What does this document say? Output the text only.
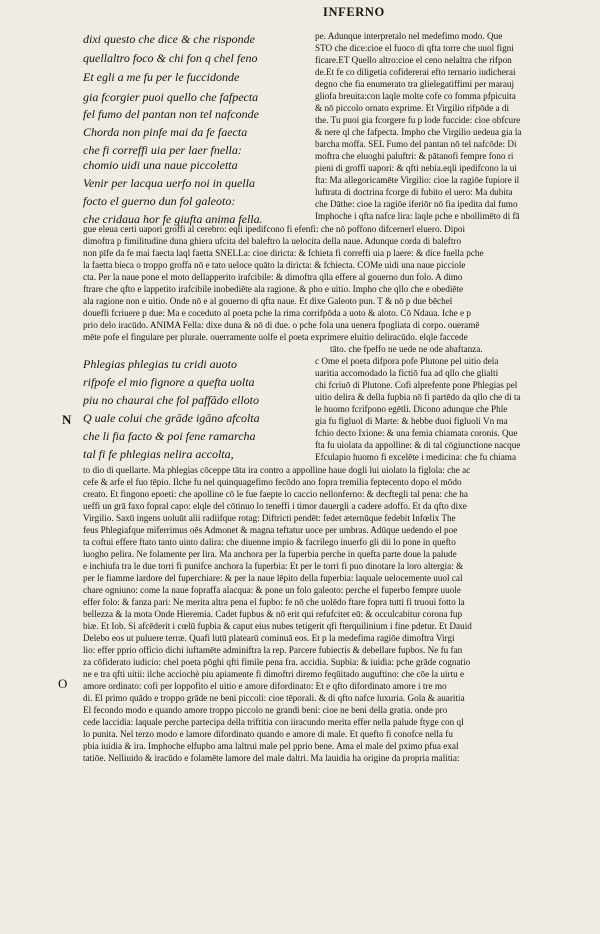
INFERNO
dixi questo che dice & che risponde
quellaltro foco & chi fon q chel feno
Et egli a me fu per le fuccidonde
gia fcorgier puoi quello che fafpecta
fel fumo del pantan non tel nafconde
Chorda non pinfe mai da fe faecta
che fi correffi uia per laer fnella:
chomio uidi una naue piccoletta
Venir per lacqua uerfo noi in quella
focto el guerno dun fol galeoto:
che cridaua hor fe giufta anima fella.
pe. Adunque interpretalo nel medefimo modo. Que
STO che dice:cioe el fuoco di qfta torre che uuol figni
ficare.ET Quello altro:cioe el ceno nelaltra che rifpon
de.Et fe co diligetia cofidererai efto ternario iudicherai
degno che fia enumerato tra glielegatiffimi per marauj
gliofa breuita:con laqle molte cofe co fomma pfpicuita
& nō piccolo ornato exprime. Et Virgilio rifpōde a di
the. Tu puoi gia fcorgere fu p lode fuccide: cioe obfcure
& nere ql che fafpecta. Impho che Virgilio uedeua gia la
barcha moffa. SEL Fumo del pantan nō tel nafcōde: Di
moftra che eluoghi paluftri: & pātanofi fempre fono ri
pieni di groffi uapori: & qfti nebia.eqli ipedifcono la ui
fta: Ma allegoricamēte Virgilio: cioe la ragiōe fupiore il
luftrata di doctrina fcorge di fubito el uero: Ma dubita
che Dāthe: cioe la ragiōe iferiōr nō fia ipedita dal fumo
Imphoche i qfta nafce lira: laqle pche e nbollimēto di fā
gue eleua certi uapori groffi al cerebro: eqli ipedifcono fi efenfi: che nō poffono difcernerl eluero. Dipoi
dimoftra p fimilitudine duna ghiera ufcita del baleftro la uelocita della naue. Adunque corda di baleftro
non pīfe da fe mai faecta laql faetta SNELLa: cioe diricta: & fchieta fi correffi uia p laere: & dice fnella pche
la faetta bieca o troppo groffa nō e tato ueloce quāto la diricta: & fchiecta. COMe uidi una naue picciole
cta. Per la naue pone el moto dellapperito irafcibile: & dimoftra qlla effere al gouerno dun folo. A dimo
ftrare che qfto e lappetito irafcibile inobediēte ala ragione. & pho e uitio. Impho che qllo che e obediēte
ala ragione non e uitio. Onde nō e al gouerno di qfta naue. Et dixe Galeoto pun. T & nō p due bēchel
douefli fcriuere p due: Ma e coceduto al poeta pche la rima corrifpōda a uoto & aloto. Cō Ndaua. Iche e p
prio delo iracūdo. ANIMA Fella: dixe duna & nō di due. o pche fola una uenera fpogliata di corpo. oueramē
mēte pofe el fingulare per plurale. ouerramente uolfe el poeta exprimere eluitio deliracūdo. elqle faccede
tāto. che fpeffo ne uede ne ode abaftanza.
Phlegias phlegias tu cridi auoto
rifpofe el mio fignore a quefta uolta
piu no chaurai che fol paffādo elloto
Q uale colui che grāde igāno afcolta
che li fia facto & poi fene ramarcha
tal fi fe phlegias nelira accolta,
N
c Ome el poeta difpora pofe Plutone pel uitio dela
uaritia accomodado la fictiō fua ad qllo che glialti
chi fcriuō di Plutone. Cofi alprefente pone Phlegias pel
uitio delira & della fupbia nō fi partēdo da qllo che di ta
le huomo fcrifpono egētli. Dicono adunque che Phle
gia fu figluol di Marte: & hebbe duoi figluoli Vn ma
fchio decto Ixione: & una femia chiamata coronis. Que
fta fu uiolata da appolline: & di tal cōgiunctione nacque
Efculapio huomo fi excelēte i medicina: che fu chiama
to dio di quellarte. Ma phlegias cōceppe tāta ira contro a appolline haue dogli lui uiolato la figlola: che ac
cefe & arfe el fuo tēpio. Ilche fu nel quinquagefimo fecōdo ano fopra tremilia feptecento dopo el mōdo
creato. Et fingono epoeti: che apolline cō le fue faepte lo caccio nellonferno: & decftegli tal pena: che ha
ueffi un grā faxo fopral capo: elqle del cōtinuo lo teneffi i timor dauergli a cadere adoffo. Et da qfto dixe
Virgilio. Saxū ingens uoluūt alii radiifque rotag: Diftricti pendēt: fedet æternūque fedebit Infœlix The
feus Phlegiafque miferrimus oēs Admonet & magna teftatur uoce per umbras. Adūque uedendo el poe
ta coftui effere ftato tanto uinto dalira: che diuenne impio & facrilego inuerfo gli dii lo pone in quefto
luogho pelira. Ne folamente per lira. Ma anchora per la fuperbia perche in quefta parte doue la palude
e inchiufa tra le due torri fi punifce anchora la fuperbia: Et per le torri fi puo dinotare la loro altergia: &
per le fiamme lardore del fuperchiare: & per la naue lēpito della fuperbia: laquale uelocemente uuol cal
chare ogniuno: come la naue fopraffa alacqua: & pone un folo galeoto: perche el fuperbo fempre uuole
effer folo: & fanza pari: Ne merita altra pena el fupbo: fe nō che uolēdo ftare fopra tutti fi truoui fotto la
bellezza & la mota Onde Hieremia. Cadet fupbus & nō erit qui refufcitet eū: & occulcabitur corona fup
biæ. Et Iob. Si afcēderit i cœlū fupbia & caput eius nubes tetigerit qfi fterquilinium i fine pdetur. Et Dauid
Delebo eos ut puluere terræ. Quafi lutū platearū cominuā eos. Et p la medefima ragiōe dimoftra Virgi
lio: effer pprio officio dichi iuftamēte adminiftra la rep. Parcere fubiectis & debellare fupbos. Ne fu fan
za cōfiderato iudicio: chel poeta pōghi qfti fimile pena fra. accidia. Supbia: & iuidia: pche grāde cognatio
ne e tra qfti uitii: ilche acciochè piu apiamente fi dimoftri diremo feqūitado auguftino: che cōe la uirtu e
amore ordinato: cofi per loppofito el uitio e amore difordinato: Et e qfto difordinato amore i tre mo
di. El primo quādo e troppo grāde ne beni piccoli: cioe tēporali. & di qfto nafce luxuria. Gola & auaritia
El fecondo modo e quando amore troppo piccolo ne grandi beni: cioe ne beni della gratia. onde pro
cede laccidia: laquale perche partecipa della triftitia con iiracundo merita effer nella palude ftyge con ql
lo punita. Nel terzo modo e lamore difordinato quando e amore di male. Et quefto fi conofce nella fu
pbia iuidia & ira. Imphoche elfupbo ama laltrui male pel pprio bene. Ama el male del pximo pfua exal
tatiōe. Nelliuido & iracūdo e folamēte lamore del male daltri. Ma lauidia ha origine da propria malitia:
O
